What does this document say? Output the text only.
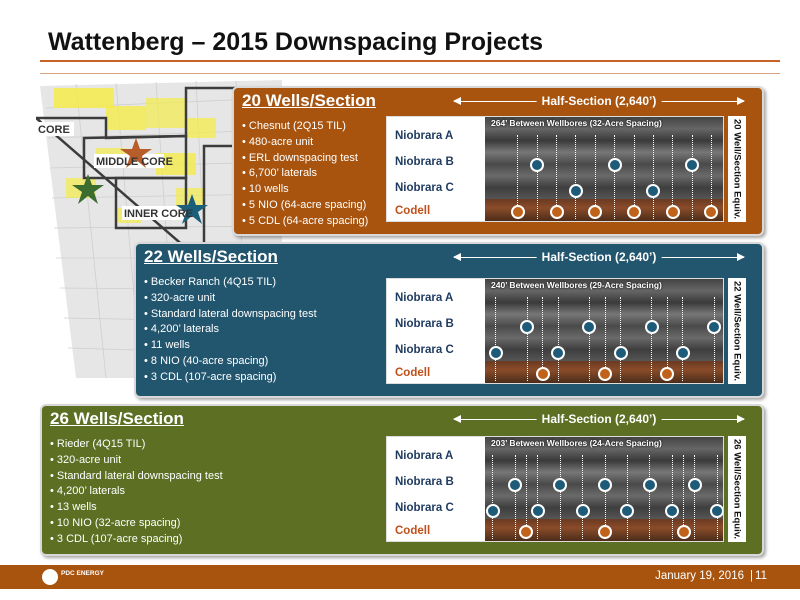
Wattenberg – 2015 Downspacing Projects
CORE
MIDDLE CORE
INNER CORE
20 Wells/Section
• Chesnut (2Q15 TIL)
• 480-acre unit
• ERL downspacing test
• 6,700’ laterals
• 10 wells
• 5 NIO (64-acre spacing)
• 5 CDL (64-acre spacing)
Half-Section (2,640’)
Niobrara A
Niobrara B
Niobrara C
Codell
264’ Between Wellbores (32-Acre Spacing)	20 Well/Section Equiv.
22 Wells/Section
• Becker Ranch (4Q15 TIL)
• 320-acre unit
• Standard lateral downspacing test
• 4,200’ laterals
• 11 wells
• 8 NIO (40-acre spacing)
• 3 CDL (107-acre spacing)
Half-Section (2,640’)
Niobrara A
Niobrara B
Niobrara C
Codell
240’ Between Wellbores (29-Acre Spacing)	22 Well/Section Equiv.
26 Wells/Section
• Rieder (4Q15 TIL)
• 320-acre unit
• Standard lateral downspacing test
• 4,200’ laterals
• 13 wells
• 10 NIO (32-acre spacing)
• 3 CDL (107-acre spacing)
Half-Section (2,640’)
Niobrara A
Niobrara B
Niobrara C
Codell
203’ Between Wellbores (24-Acre Spacing)	26 Well/Section Equiv.
PDC ENERGY	January 19, 2016 | 11
